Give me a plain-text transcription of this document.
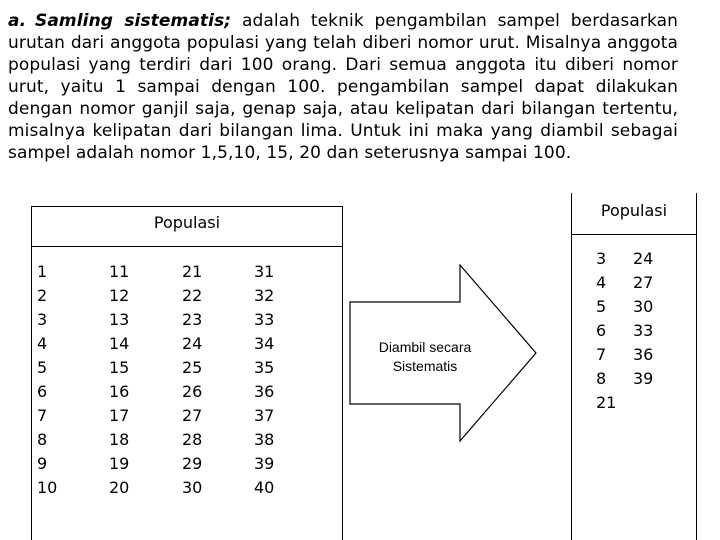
a. Samling sistematis; adalah teknik pengambilan sampel berdasarkan urutan dari anggota populasi yang telah diberi nomor urut. Misalnya anggota populasi yang terdiri dari 100 orang. Dari semua anggota itu diberi nomor urut, yaitu 1 sampai dengan 100. pengambilan sampel dapat dilakukan dengan nomor ganjil saja, genap saja, atau kelipatan dari bilangan tertentu, misalnya kelipatan dari bilangan lima. Untuk ini maka yang diambil sebagai sampel adalah nomor 1,5,10, 15, 20 dan seterusnya sampai 100.
Populasi
1
2
3
4
5
6
7
8
9
10
11
12
13
14
15
16
17
18
19
20
21
22
23
24
25
26
27
28
29
30
31
32
33
34
35
36
37
38
39
40
Diambil secara
Sistematis
Populasi
3
4
5
6
7
8
21
24
27
30
33
36
39
